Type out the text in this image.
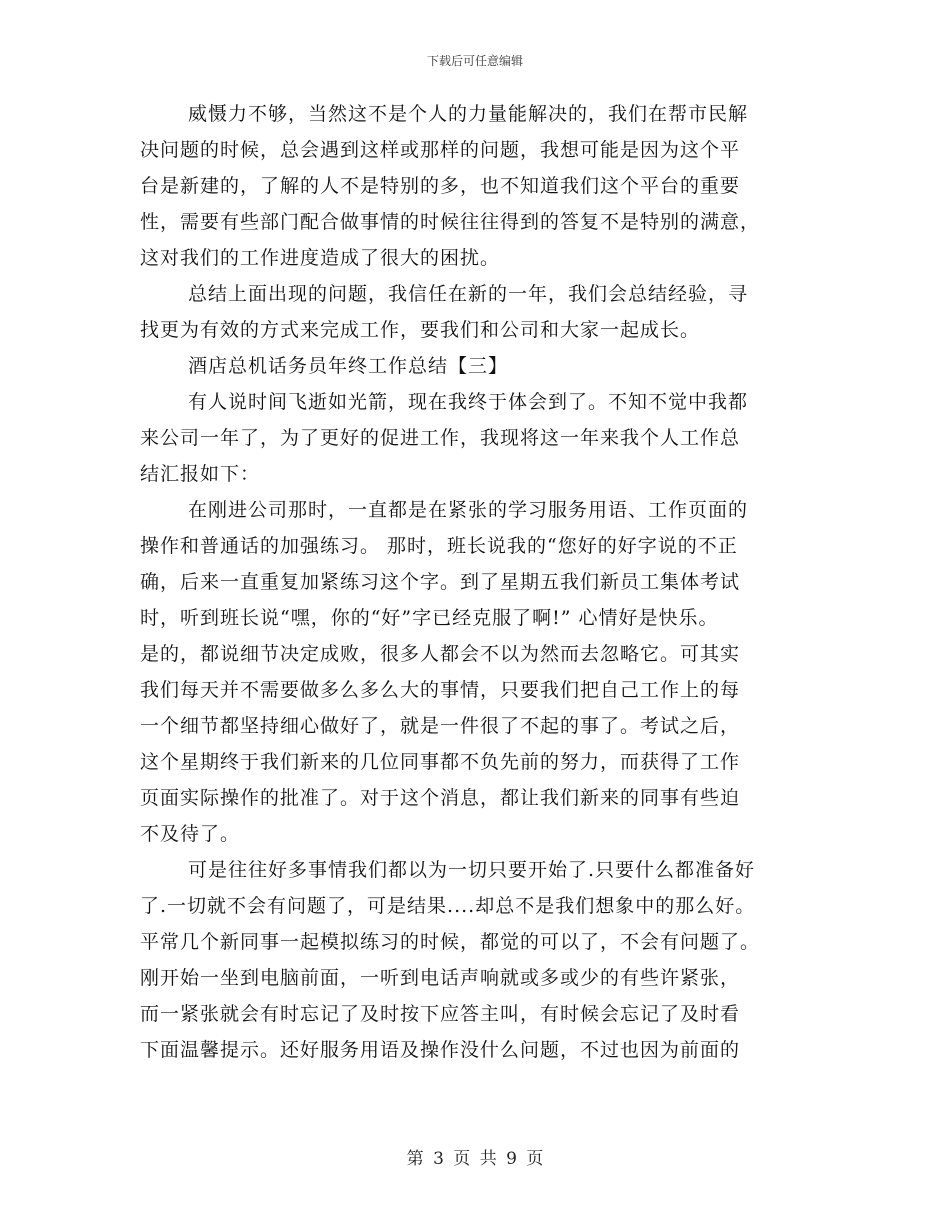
下载后可任意编辑
威慑力不够，当然这不是个人的力量能解决的，我们在帮市民解
决问题的时候，总会遇到这样或那样的问题，我想可能是因为这个平
台是新建的，了解的人不是特别的多，也不知道我们这个平台的重要
性，需要有些部门配合做事情的时候往往得到的答复不是特别的满意，
这对我们的工作进度造成了很大的困扰。
总结上面出现的问题，我信任在新的一年，我们会总结经验，寻
找更为有效的方式来完成工作，要我们和公司和大家一起成长。
酒店总机话务员年终工作总结【三】
有人说时间飞逝如光箭，现在我终于体会到了。不知不觉中我都
来公司一年了，为了更好的促进工作，我现将这一年来我个人工作总
结汇报如下：
在刚进公司那时，一直都是在紧张的学习服务用语、工作页面的
操作和普通话的加强练习。 那时，班长说我的“您好的好字说的不正
确，后来一直重复加紧练习这个字。到了星期五我们新员工集体考试
时，听到班长说“嘿，你的“好”字已经克服了啊!” 心情好是快乐。
是的，都说细节决定成败，很多人都会不以为然而去忽略它。可其实
我们每天并不需要做多么多么大的事情，只要我们把自己工作上的每
一个细节都坚持细心做好了，就是一件很了不起的事了。考试之后，
这个星期终于我们新来的几位同事都不负先前的努力，而获得了工作
页面实际操作的批准了。对于这个消息，都让我们新来的同事有些迫
不及待了。
可是往往好多事情我们都以为一切只要开始了.只要什么都准备好
了.一切就不会有问题了，可是结果....却总不是我们想象中的那么好。
平常几个新同事一起模拟练习的时候，都觉的可以了，不会有问题了。
刚开始一坐到电脑前面，一听到电话声响就或多或少的有些许紧张，
而一紧张就会有时忘记了及时按下应答主叫，有时候会忘记了及时看
下面温馨提示。还好服务用语及操作没什么问题，不过也因为前面的
第 3 页 共 9 页
